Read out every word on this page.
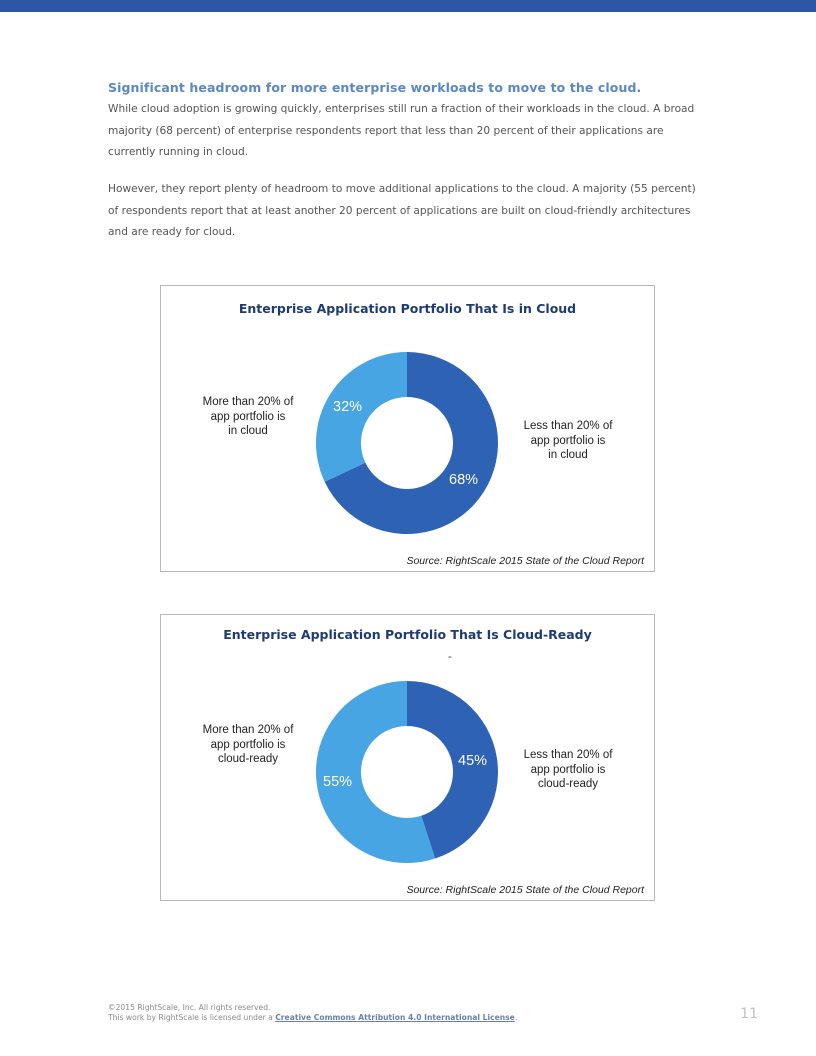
Significant headroom for more enterprise workloads to move to the cloud.
While cloud adoption is growing quickly, enterprises still run a fraction of their workloads in the cloud. A broad majority (68 percent) of enterprise respondents report that less than 20 percent of their applications are currently running in cloud.
However, they report plenty of headroom to move additional applications to the cloud. A majority (55 percent) of respondents report that at least another 20 percent of applications are built on cloud-friendly architectures and are ready for cloud.
Enterprise Application Portfolio That Is in Cloud
68%
32%
More than 20% of
app portfolio is
in cloud	Less than 20% of
app portfolio is
in cloud
Source: RightScale 2015 State of the Cloud Report
Enterprise Application Portfolio That Is Cloud-Ready
-
45%
55%
More than 20% of
app portfolio is
cloud-ready	Less than 20% of
app portfolio is
cloud-ready
Source: RightScale 2015 State of the Cloud Report
©2015 RightScale, Inc. All rights reserved.
This work by RightScale is licensed under a Creative Commons Attribution 4.0 International License.	11
